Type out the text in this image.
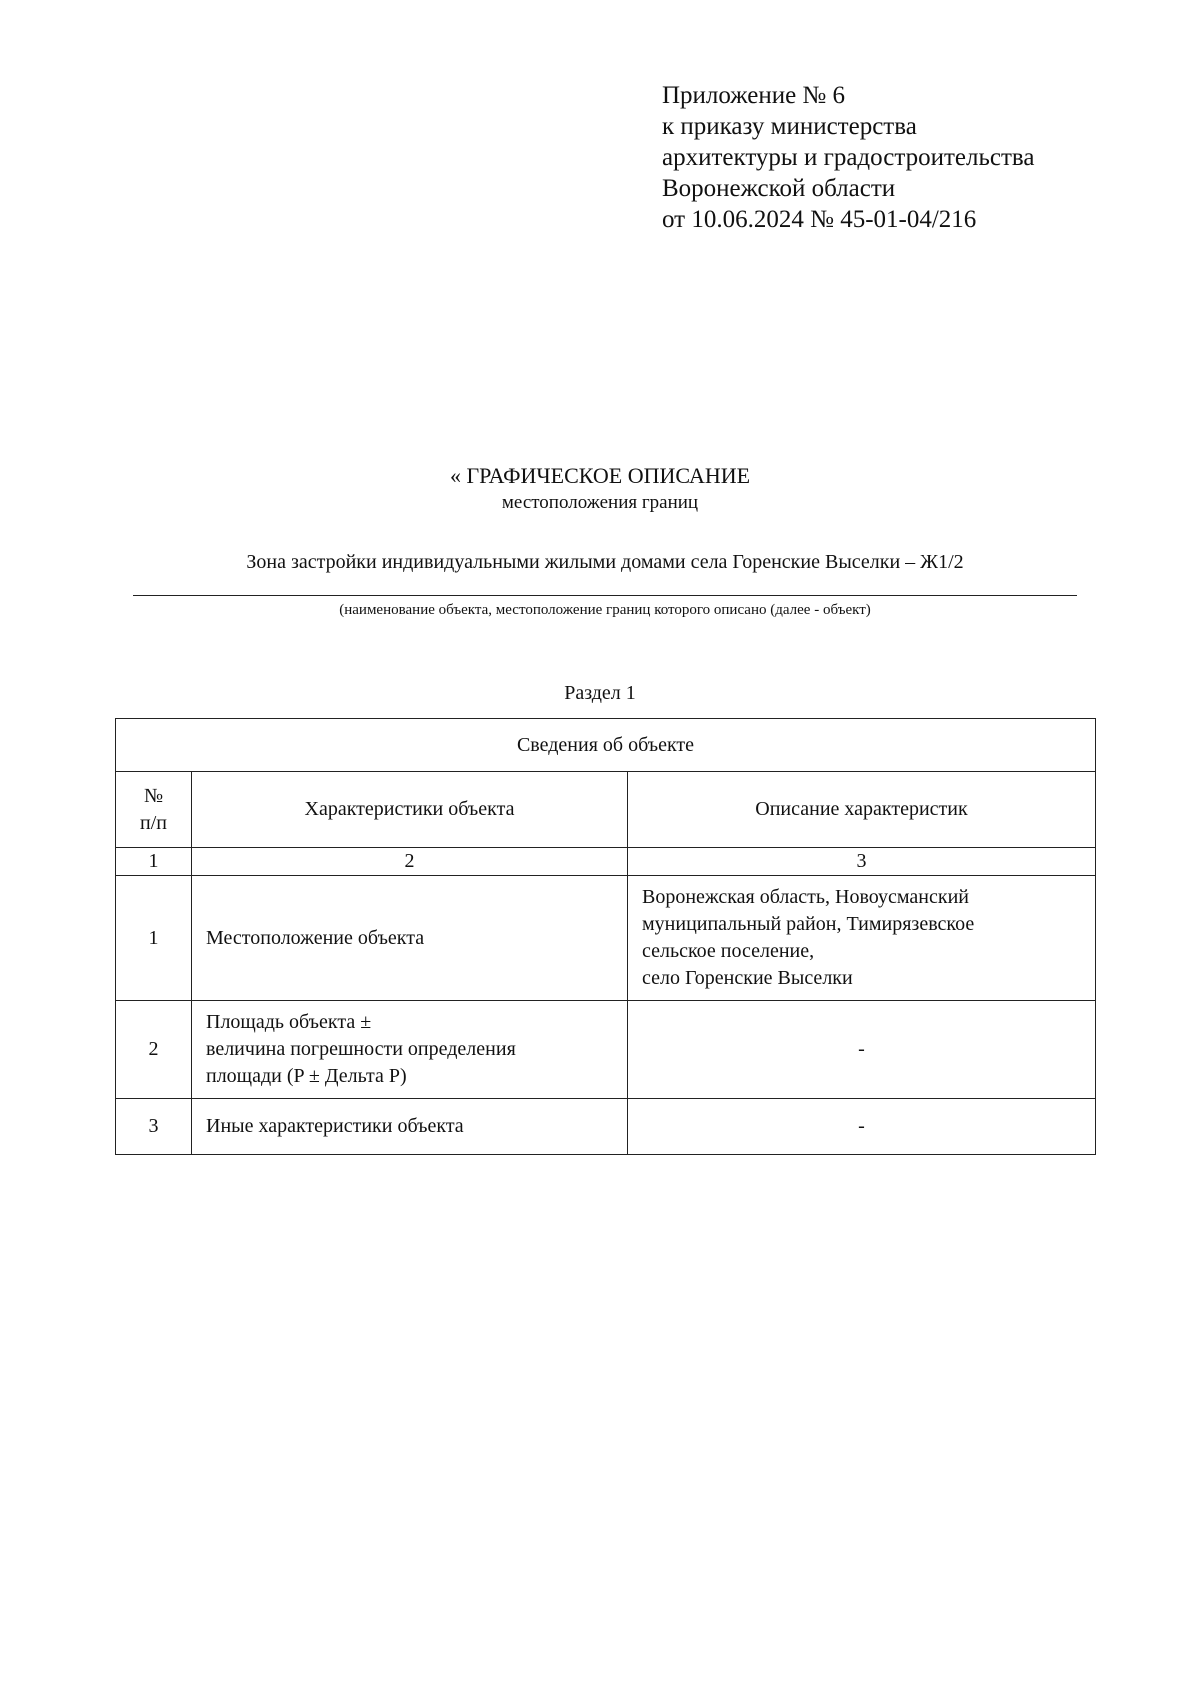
Приложение № 6
к приказу министерства
архитектуры и градостроительства
Воронежской области
от 10.06.2024 № 45-01-04/216
« ГРАФИЧЕСКОЕ ОПИСАНИЕ
местоположения границ
Зона застройки индивидуальными жилыми домами села Горенские Выселки – Ж1/2
(наименование объекта, местоположение границ которого описано (далее - объект)
Раздел 1
Сведения об объекте		

№
п/п	Характеристики объекта	Описание характеристик
1	2	3
1	Местоположение объекта	Воронежская область, Новоусманский
муниципальный район, Тимирязевское
сельское поселение,
село Горенские Выселки

2	Площадь объекта ±
величина погрешности определения
площади (P ± Дельта P)	-
3	Иные характеристики объекта	-
